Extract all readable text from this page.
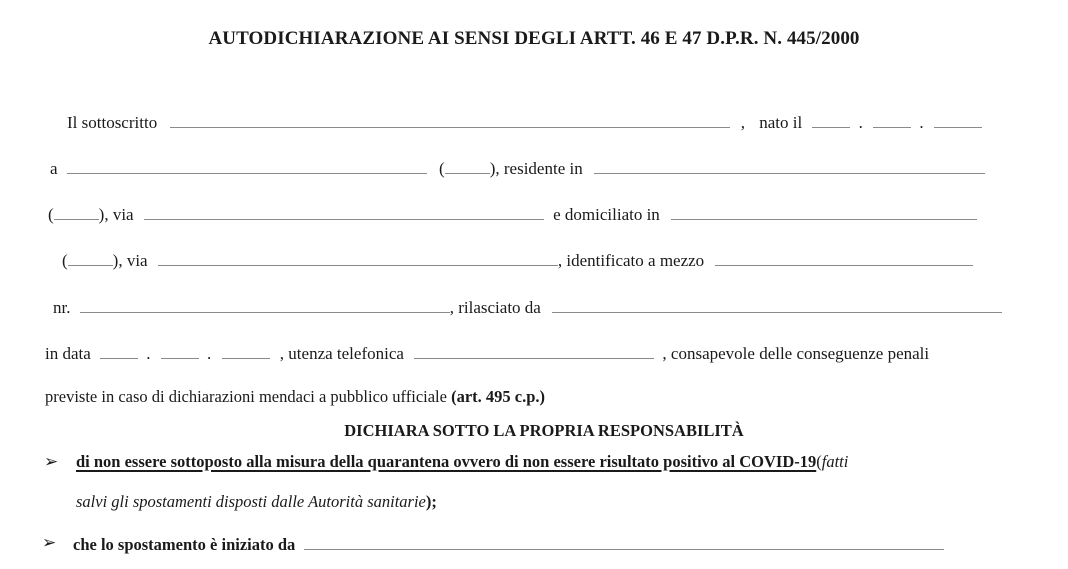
AUTODICHIARAZIONE AI SENSI DEGLI ARTT. 46 E 47 D.P.R. N. 445/2000
Il sottoscritto	, nato il	.	.
a	(	), residente in
(	), via	e domiciliato in
(	), via	, identificato a mezzo
nr.	, rilasciato da
in data	.	.	, utenza telefonica	, consapevole delle conseguenze penali
previste in caso di dichiarazioni mendaci a pubblico ufficiale (art. 495 c.p.)
DICHIARA SOTTO LA PROPRIA RESPONSABILITÀ
➢ di non essere sottoposto alla misura della quarantena ovvero di non essere risultato positivo al COVID-19(fatti
salvi gli spostamenti disposti dalle Autorità sanitarie);
➢ che lo spostamento è iniziato da
